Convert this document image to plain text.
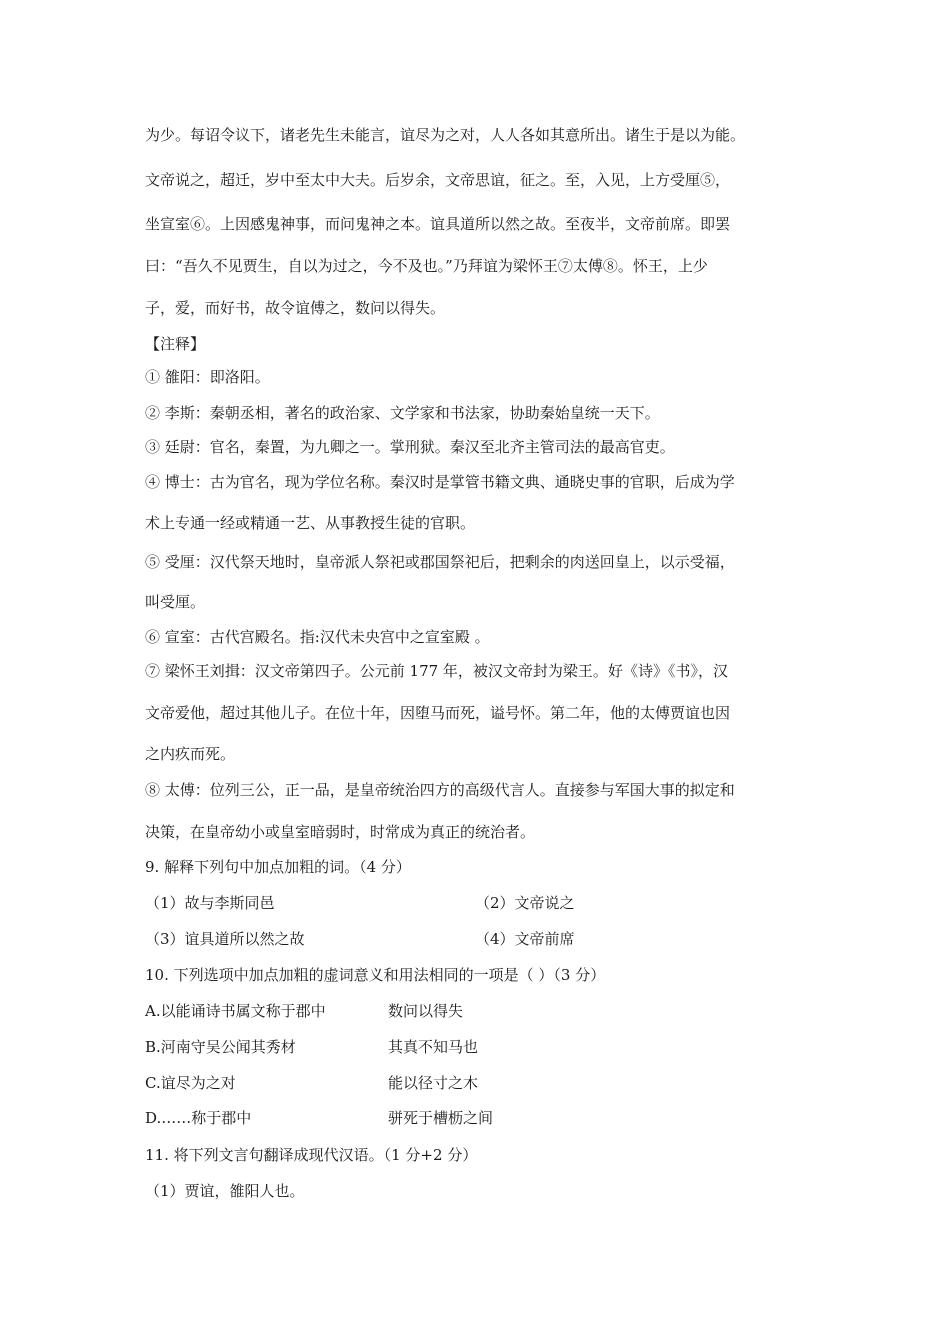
为少。每诏令议下，诸老先生未能言，谊尽为之对，人人各如其意所出。诸生于是以为能。
文帝说之，超迁，岁中至太中大夫。后岁余，文帝思谊，征之。至，入见，上方受厘⑤，
坐宣室⑥。上因感鬼神事，而问鬼神之本。谊具道所以然之故。至夜半，文帝前席。即罢
曰：“吾久不见贾生，自以为过之，今不及也。”乃拜谊为梁怀王⑦太傅⑧。怀王，上少
子，爱，而好书，故令谊傅之，数问以得失。
【注释】
① 雒阳：即洛阳。
② 李斯：秦朝丞相，著名的政治家、文学家和书法家，协助秦始皇统一天下。
③ 廷尉：官名，秦置，为九卿之一。掌刑狱。秦汉至北齐主管司法的最高官吏。
④ 博士：古为官名，现为学位名称。秦汉时是掌管书籍文典、通晓史事的官职，后成为学
术上专通一经或精通一艺、从事教授生徒的官职。
⑤ 受厘：汉代祭天地时，皇帝派人祭祀或郡国祭祀后，把剩余的肉送回皇上，以示受福，
叫受厘。
⑥ 宣室：古代宫殿名。指:汉代未央宫中之宣室殿 。
⑦ 梁怀王刘揖：汉文帝第四子。公元前 177 年，被汉文帝封为梁王。好《诗》《书》，汉
文帝爱他，超过其他儿子。在位十年，因堕马而死，谥号怀。第二年，他的太傅贾谊也因
之内疚而死。
⑧ 太傅：位列三公，正一品，是皇帝统治四方的高级代言人。直接参与军国大事的拟定和
决策，在皇帝幼小或皇室暗弱时，时常成为真正的统治者。
9. 解释下列句中加点加粗的词。（4 分）
（1）故与李斯同邑	（2）文帝说之
（3）谊具道所以然之故	（4）文帝前席
10. 下列选项中加点加粗的虚词意义和用法相同的一项是（ ）（3 分）
A.以能诵诗书属文称于郡中	数问以得失
B.河南守吴公闻其秀材	其真不知马也
C.谊尽为之对	能以径寸之木
D.……称于郡中	骈死于槽枥之间
11. 将下列文言句翻译成现代汉语。（1 分+2 分）
（1）贾谊，雒阳人也。
